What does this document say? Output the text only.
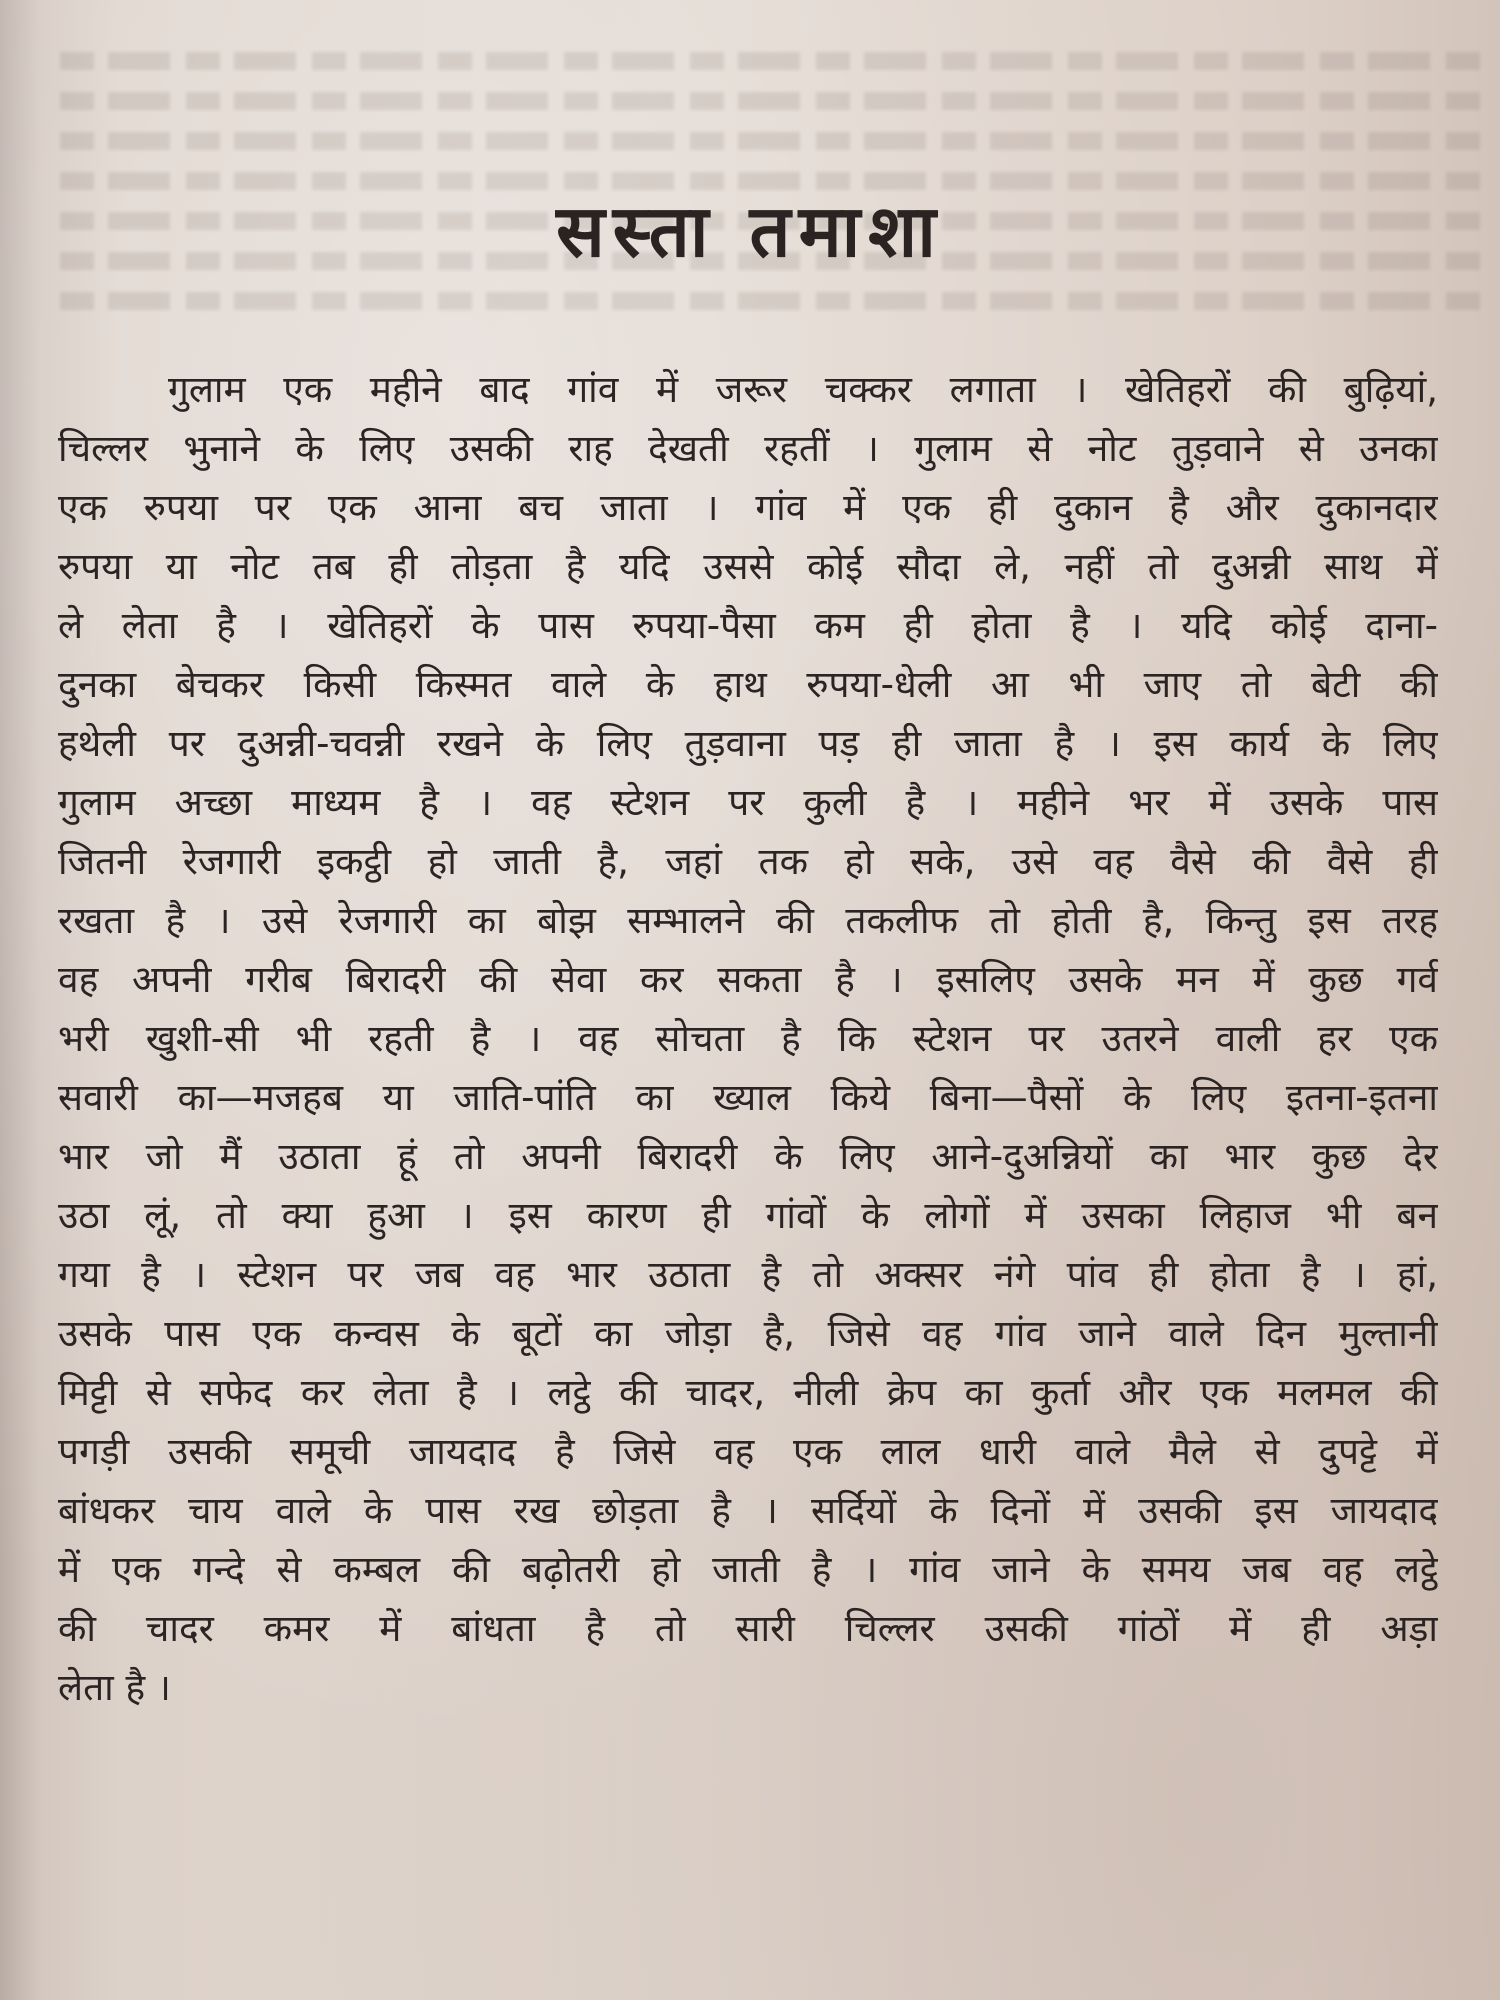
सस्ता तमाशा
गुलाम एक महीने बाद गांव में जरूर चक्कर लगाता । खेतिहरों की बुढ़ियां,
चिल्लर भुनाने के लिए उसकी राह देखती रहतीं । गुलाम से नोट तुड़वाने से उनका
एक रुपया पर एक आना बच जाता । गांव में एक ही दुकान है और दुकानदार
रुपया या नोट तब ही तोड़ता है यदि उससे कोई सौदा ले, नहीं तो दुअन्नी साथ में
ले लेता है । खेतिहरों के पास रुपया-पैसा कम ही होता है । यदि कोई दाना-
दुनका बेचकर किसी किस्मत वाले के हाथ रुपया-धेली आ भी जाए तो बेटी की
हथेली पर दुअन्नी-चवन्नी रखने के लिए तुड़वाना पड़ ही जाता है । इस कार्य के लिए
गुलाम अच्छा माध्यम है । वह स्टेशन पर कुली है । महीने भर में उसके पास
जितनी रेजगारी इकट्ठी हो जाती है, जहां तक हो सके, उसे वह वैसे की वैसे ही
रखता है । उसे रेजगारी का बोझ सम्भालने की तकलीफ तो होती है, किन्तु इस तरह
वह अपनी गरीब बिरादरी की सेवा कर सकता है । इसलिए उसके मन में कुछ गर्व
भरी खुशी-सी भी रहती है । वह सोचता है कि स्टेशन पर उतरने वाली हर एक
सवारी का—मजहब या जाति-पांति का ख्याल किये बिना—पैसों के लिए इतना-इतना
भार जो मैं उठाता हूं तो अपनी बिरादरी के लिए आने-दुअन्नियों का भार कुछ देर
उठा लूं, तो क्या हुआ । इस कारण ही गांवों के लोगों में उसका लिहाज भी बन
गया है । स्टेशन पर जब वह भार उठाता है तो अक्सर नंगे पांव ही होता है । हां,
उसके पास एक कन्वस के बूटों का जोड़ा है, जिसे वह गांव जाने वाले दिन मुल्तानी
मिट्टी से सफेद कर लेता है । लट्ठे की चादर, नीली क्रेप का कुर्ता और एक मलमल की
पगड़ी उसकी समूची जायदाद है जिसे वह एक लाल धारी वाले मैले से दुपट्टे में
बांधकर चाय वाले के पास रख छोड़ता है । सर्दियों के दिनों में उसकी इस जायदाद
में एक गन्दे से कम्बल की बढ़ोतरी हो जाती है । गांव जाने के समय जब वह लट्ठे
की चादर कमर में बांधता है तो सारी चिल्लर उसकी गांठों में ही अड़ा
लेता है ।
